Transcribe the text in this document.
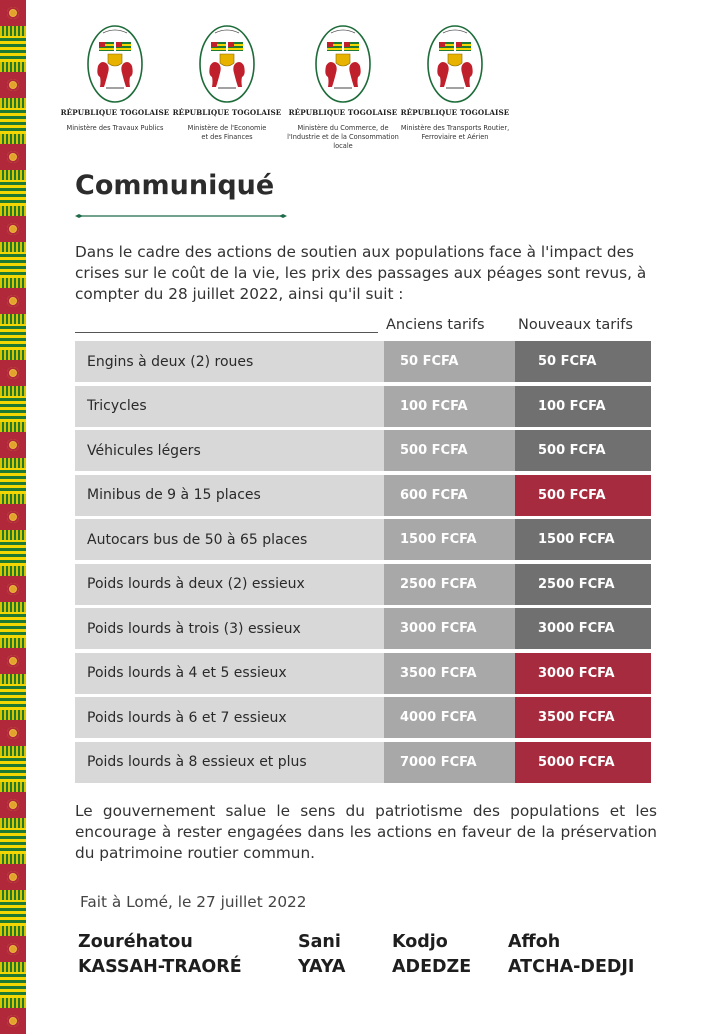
RÉPUBLIQUE TOGOLAISE
Ministère des Travaux Publics
RÉPUBLIQUE TOGOLAISE
Ministère de l'Economie et des Finances
RÉPUBLIQUE TOGOLAISE
Ministère du Commerce, de l'Industrie et de la Consommation locale
RÉPUBLIQUE TOGOLAISE
Ministère des Transports Routier, Ferroviaire et Aérien
Communiqué

Dans le cadre des actions de soutien aux populations face à l'impact des crises sur le coût de la vie, les prix des passages aux péages sont revus, à compter du 28 juillet 2022, ainsi qu'il suit :

Anciens tarifs Nouveaux tarifs
Engins à deux (2) roues	50 FCFA	50 FCFA
Tricycles	100 FCFA	100 FCFA
Véhicules légers	500 FCFA	500 FCFA
Minibus de 9 à 15 places	600 FCFA	500 FCFA
Autocars bus de 50 à 65 places	1500 FCFA	1500 FCFA
Poids lourds à deux (2) essieux	2500 FCFA	2500 FCFA
Poids lourds à trois (3) essieux	3000 FCFA	3000 FCFA
Poids lourds à 4 et 5 essieux	3500 FCFA	3000 FCFA
Poids lourds à 6 et 7 essieux	4000 FCFA	3500 FCFA
Poids lourds à 8 essieux et plus	7000 FCFA	5000 FCFA

Le gouvernement salue le sens du patriotisme des populations et les encourage à rester engagées dans les actions en faveur de la préservation du patrimoine routier commun.

Fait à Lomé, le 27 juillet 2022
Zouréhatou
KASSAH-TRAORÉ
Sani
YAYA
Kodjo
ADEDZE
Affoh
ATCHA-DEDJI
